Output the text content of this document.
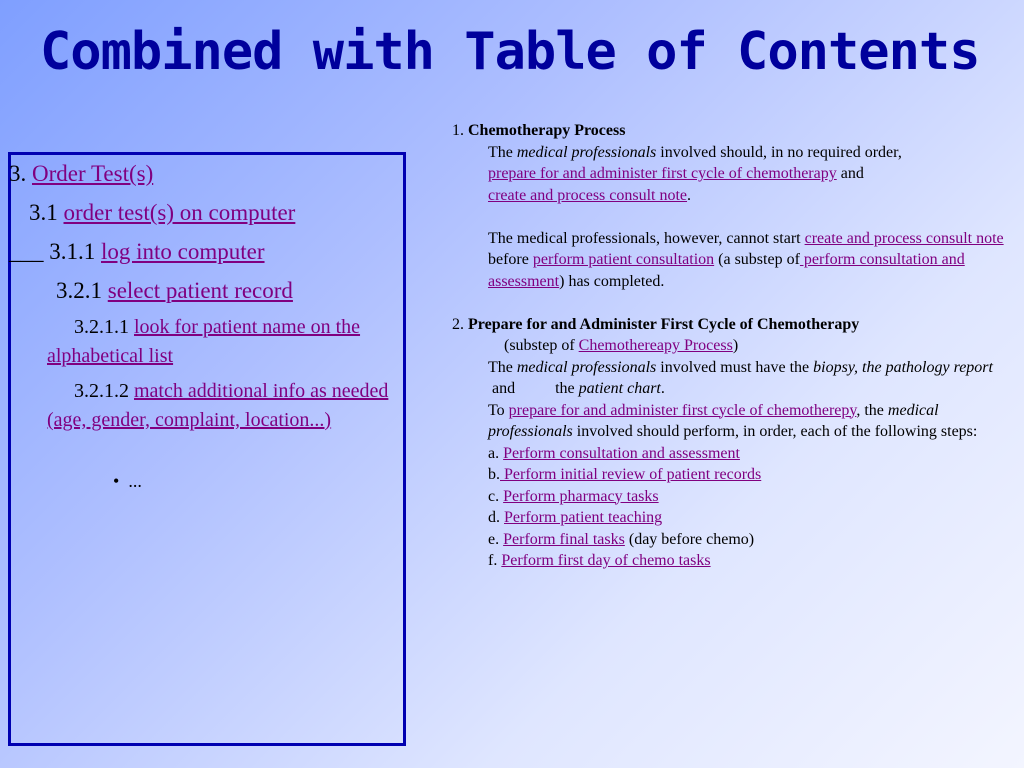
Combined with Table of Contents
3. Order Test(s)
3.1 order test(s) on computer
___ 3.1.1 log into computer
3.2.1 select patient record
3.2.1.1 look for patient name on the alphabetical list
3.2.1.2 match additional info as needed (age, gender, complaint, location...)
• ...

1. Chemotherapy Process

The medical professionals involved should, in no required order,
prepare for and administer first cycle of chemotherapy and
create and process consult note.

The medical professionals, however, cannot start create and process consult note before perform patient consultation (a substep of perform consultation and assessment) has completed.

2. Prepare for and Administer First Cycle of Chemotherapy

(substep of Chemothereapy Process)

The medical professionals involved must have the biopsy, the pathology report and          the patient chart.

To prepare for and administer first cycle of chemotherepy, the medical professionals involved should perform, in order, each of the following steps:

a. Perform consultation and assessment

b. Perform initial review of patient records

c. Perform pharmacy tasks

d. Perform patient teaching

e. Perform final tasks (day before chemo)

f. Perform first day of chemo tasks
